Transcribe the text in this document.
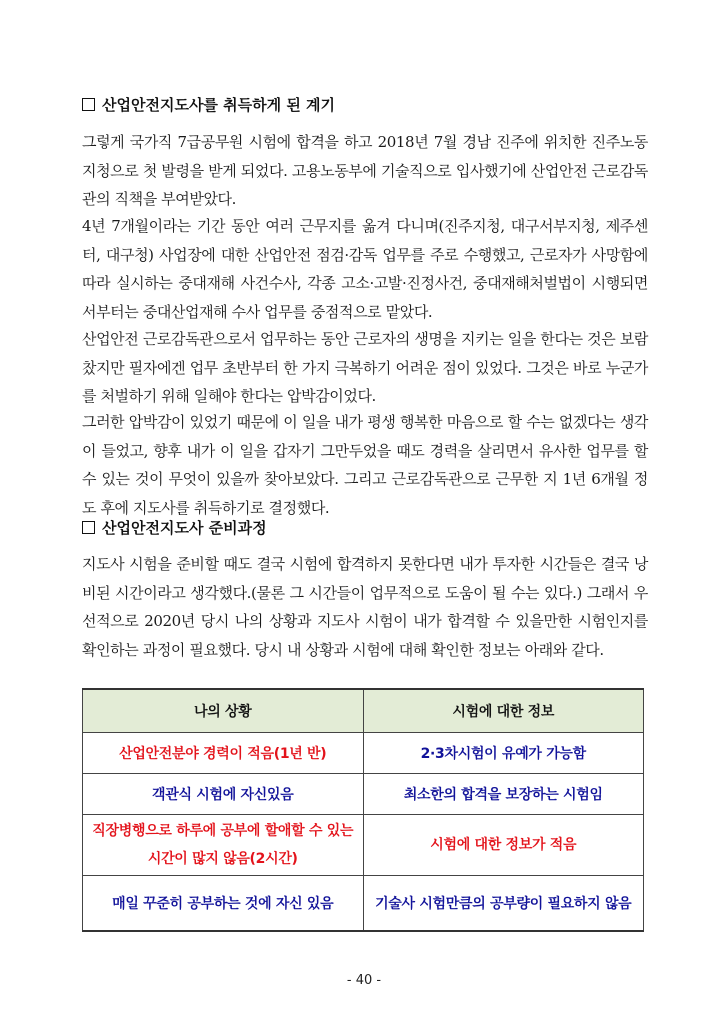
산업안전지도사를 취득하게 된 계기
그렇게 국가직 7급공무원 시험에 합격을 하고 2018년 7월 경남 진주에 위치한 진주노동지청으로 첫 발령을 받게 되었다. 고용노동부에 기술직으로 입사했기에 산업안전 근로감독관의 직책을 부여받았다.
4년 7개월이라는 기간 동안 여러 근무지를 옮겨 다니며(진주지청, 대구서부지청, 제주센터, 대구청) 사업장에 대한 산업안전 점검·감독 업무를 주로 수행했고, 근로자가 사망함에 따라 실시하는 중대재해 사건수사, 각종 고소·고발·진정사건, 중대재해처벌법이 시행되면서부터는 중대산업재해 수사 업무를 중점적으로 맡았다.
산업안전 근로감독관으로서 업무하는 동안 근로자의 생명을 지키는 일을 한다는 것은 보람찼지만 필자에겐 업무 초반부터 한 가지 극복하기 어려운 점이 있었다. 그것은 바로 누군가를 처벌하기 위해 일해야 한다는 압박감이었다.
그러한 압박감이 있었기 때문에 이 일을 내가 평생 행복한 마음으로 할 수는 없겠다는 생각이 들었고, 향후 내가 이 일을 갑자기 그만두었을 때도 경력을 살리면서 유사한 업무를 할 수 있는 것이 무엇이 있을까 찾아보았다. 그리고 근로감독관으로 근무한 지 1년 6개월 정도 후에 지도사를 취득하기로 결정했다.
산업안전지도사 준비과정
지도사 시험을 준비할 때도 결국 시험에 합격하지 못한다면 내가 투자한 시간들은 결국 낭비된 시간이라고 생각했다.(물론 그 시간들이 업무적으로 도움이 될 수는 있다.) 그래서 우선적으로 2020년 당시 나의 상황과 지도사 시험이 내가 합격할 수 있을만한 시험인지를 확인하는 과정이 필요했다. 당시 내 상황과 시험에 대해 확인한 정보는 아래와 같다.
나의 상황	시험에 대한 정보
산업안전분야 경력이 적음(1년 반)	2·3차시험이 유예가 가능함
객관식 시험에 자신있음	최소한의 합격을 보장하는 시험임
직장병행으로 하루에 공부에 할애할 수 있는 시간이 많지 않음(2시간)	시험에 대한 정보가 적음
매일 꾸준히 공부하는 것에 자신 있음	기술사 시험만큼의 공부량이 필요하지 않음
- 40 -
